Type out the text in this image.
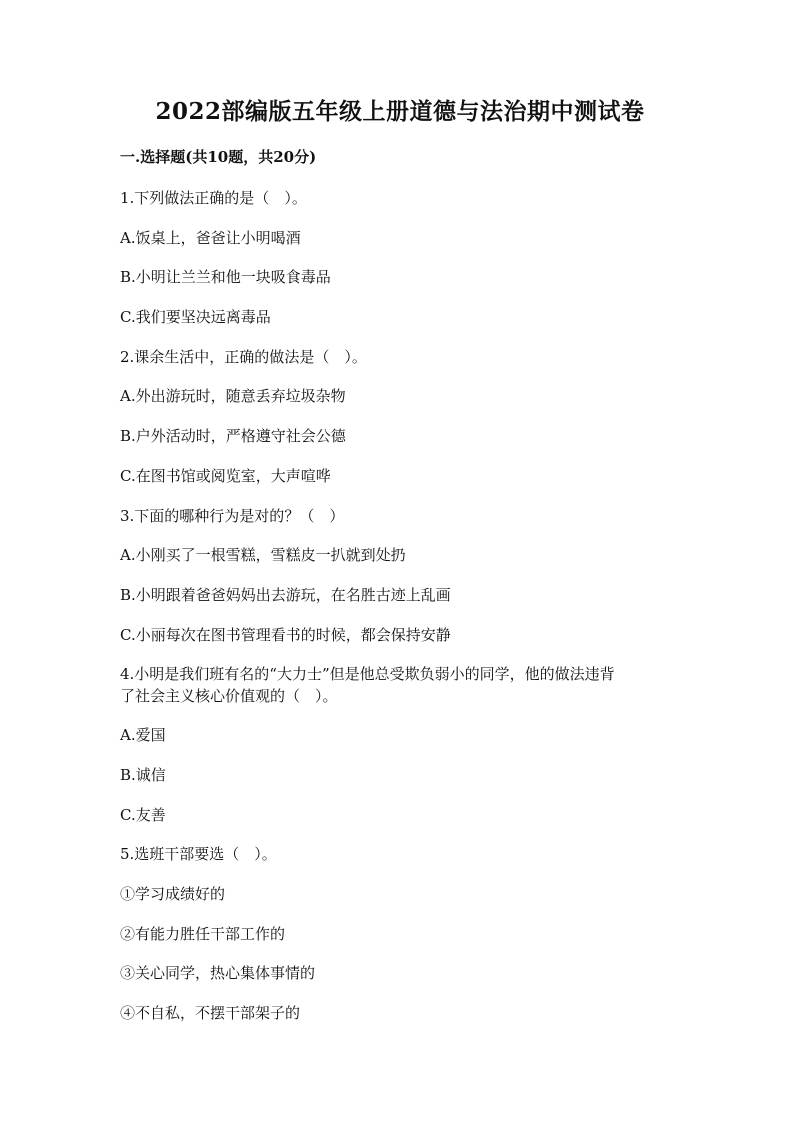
2022部编版五年级上册道德与法治期中测试卷

一.选择题(共10题，共20分)

1.下列做法正确的是（　）。

A.饭桌上，爸爸让小明喝酒

B.小明让兰兰和他一块吸食毒品

C.我们要坚决远离毒品

2.课余生活中，正确的做法是（　）。

A.外出游玩时，随意丢弃垃圾杂物

B.户外活动时，严格遵守社会公德

C.在图书馆或阅览室，大声喧哗

3.下面的哪种行为是对的？（　）

A.小刚买了一根雪糕，雪糕皮一扒就到处扔

B.小明跟着爸爸妈妈出去游玩，在名胜古迹上乱画

C.小丽每次在图书管理看书的时候，都会保持安静

4.小明是我们班有名的“大力士”但是他总受欺负弱小的同学，他的做法违背

了社会主义核心价值观的（　）。

A.爱国

B.诚信

C.友善

5.选班干部要选（　）。

①学习成绩好的

②有能力胜任干部工作的

③关心同学，热心集体事情的

④不自私，不摆干部架子的
